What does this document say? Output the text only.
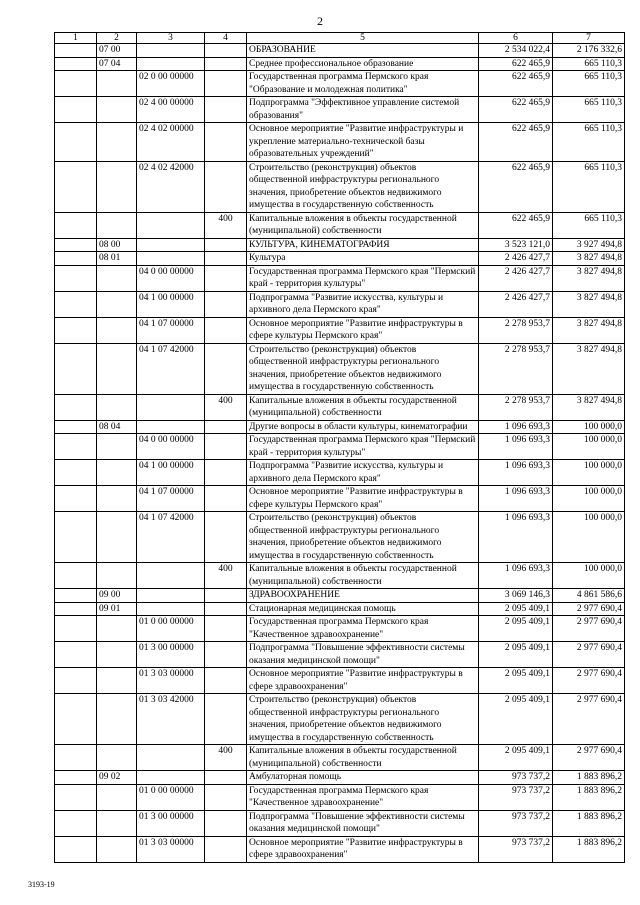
2
1	2	3	4	5	6	7
	07 00			ОБРАЗОВАНИЕ	2 534 022,4	2 176 332,6
	07 04			Среднее профессиональное образование	622 465,9	665 110,3
		02 0 00 00000		Государственная программа Пермского края "Образование и молодежная политика"	622 465,9	665 110,3
		02 4 00 00000		Подпрограмма "Эффективное управление системой образования"	622 465,9	665 110,3
		02 4 02 00000		Основное мероприятие "Развитие инфраструктуры и укрепление материально-технической базы образовательных учреждений"	622 465,9	665 110,3
		02 4 02 42000		Строительство (реконструкция) объектов общественной инфраструктуры регионального значения, приобретение объектов недвижимого имущества в государственную собственность	622 465,9	665 110,3
			400	Капитальные вложения в объекты государственной (муниципальной) собственности	622 465,9	665 110,3
	08 00			КУЛЬТУРА, КИНЕМАТОГРАФИЯ	3 523 121,0	3 927 494,8
	08 01			Культура	2 426 427,7	3 827 494,8
		04 0 00 00000		Государственная программа Пермского края "Пермский край - территория культуры"	2 426 427,7	3 827 494,8
		04 1 00 00000		Подпрограмма "Развитие искусства, культуры и архивного дела Пермского края"	2 426 427,7	3 827 494,8
		04 1 07 00000		Основное мероприятие "Развитие инфраструктуры в сфере культуры Пермского края"	2 278 953,7	3 827 494,8
		04 1 07 42000		Строительство (реконструкция) объектов общественной инфраструктуры регионального значения, приобретение объектов недвижимого имущества в государственную собственность	2 278 953,7	3 827 494,8
			400	Капитальные вложения в объекты государственной (муниципальной) собственности	2 278 953,7	3 827 494,8
	08 04			Другие вопросы в области культуры, кинематографии	1 096 693,3	100 000,0
		04 0 00 00000		Государственная программа Пермского края "Пермский край - территория культуры"	1 096 693,3	100 000,0
		04 1 00 00000		Подпрограмма "Развитие искусства, культуры и архивного дела Пермского края"	1 096 693,3	100 000,0
		04 1 07 00000		Основное мероприятие "Развитие инфраструктуры в сфере культуры Пермского края"	1 096 693,3	100 000,0
		04 1 07 42000		Строительство (реконструкция) объектов общественной инфраструктуры регионального значения, приобретение объектов недвижимого имущества в государственную собственность	1 096 693,3	100 000,0
			400	Капитальные вложения в объекты государственной (муниципальной) собственности	1 096 693,3	100 000,0
	09 00			ЗДРАВООХРАНЕНИЕ	3 069 146,3	4 861 586,6
	09 01			Стационарная медицинская помощь	2 095 409,1	2 977 690,4
		01 0 00 00000		Государственная программа Пермского края "Качественное здравоохранение"	2 095 409,1	2 977 690,4
		01 3 00 00000		Подпрограмма "Повышение эффективности системы оказания медицинской помощи"	2 095 409,1	2 977 690,4
		01 3 03 00000		Основное мероприятие "Развитие инфраструктуры в сфере здравоохранения"	2 095 409,1	2 977 690,4
		01 3 03 42000		Строительство (реконструкция) объектов общественной инфраструктуры регионального значения, приобретение объектов недвижимого имущества в государственную собственность	2 095 409,1	2 977 690,4
			400	Капитальные вложения в объекты государственной (муниципальной) собственности	2 095 409,1	2 977 690,4
	09 02			Амбулаторная помощь	973 737,2	1 883 896,2
		01 0 00 00000		Государственная программа Пермского края "Качественное здравоохранение"	973 737,2	1 883 896,2
		01 3 00 00000		Подпрограмма "Повышение эффективности системы оказания медицинской помощи"	973 737,2	1 883 896,2
		01 3 03 00000		Основное мероприятие "Развитие инфраструктуры в сфере здравоохранения"	973 737,2	1 883 896,2
3193-19
